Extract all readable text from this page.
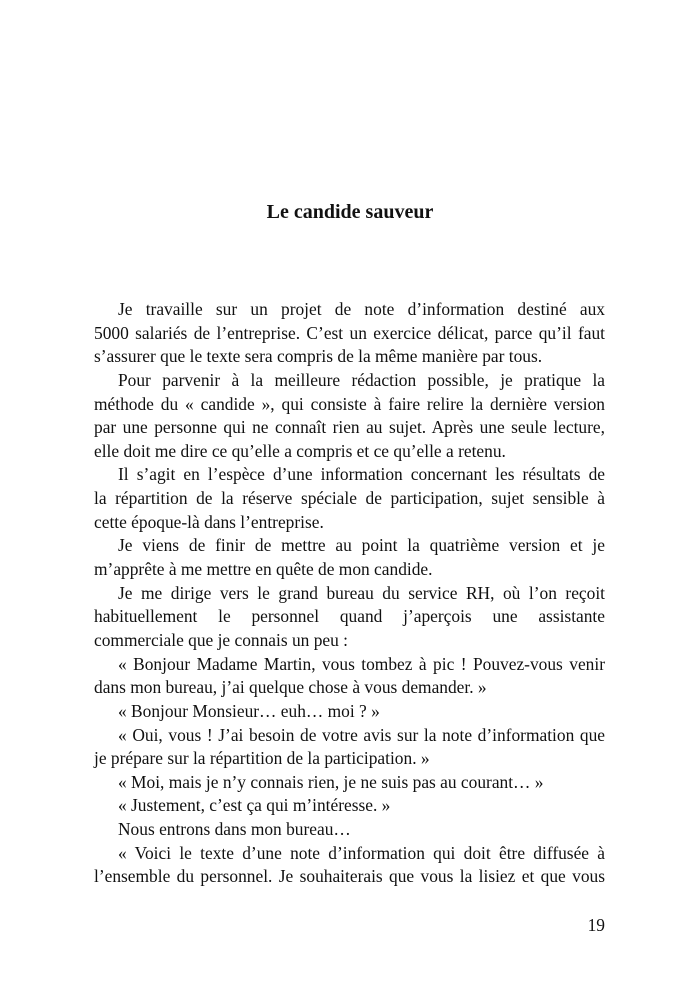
Le candide sauveur
Je travaille sur un projet de note d’information destiné aux
5000 salariés de l’entreprise. C’est un exercice délicat, parce qu’il faut
s’assurer que le texte sera compris de la même manière par tous.
Pour parvenir à la meilleure rédaction possible, je pratique la
méthode du « candide », qui consiste à faire relire la dernière version
par une personne qui ne connaît rien au sujet. Après une seule lecture,
elle doit me dire ce qu’elle a compris et ce qu’elle a retenu.
Il s’agit en l’espèce d’une information concernant les résultats de
la répartition de la réserve spéciale de participation, sujet sensible à
cette époque-là dans l’entreprise.
Je viens de finir de mettre au point la quatrième version et je
m’apprête à me mettre en quête de mon candide.
Je me dirige vers le grand bureau du service RH, où l’on reçoit
habituellement le personnel quand j’aperçois une assistante
commerciale que je connais un peu :
« Bonjour Madame Martin, vous tombez à pic ! Pouvez-vous venir
dans mon bureau, j’ai quelque chose à vous demander. »
« Bonjour Monsieur… euh… moi ? »
« Oui, vous ! J’ai besoin de votre avis sur la note d’information que
je prépare sur la répartition de la participation. »
« Moi, mais je n’y connais rien, je ne suis pas au courant… »
« Justement, c’est ça qui m’intéresse. »
Nous entrons dans mon bureau…
« Voici le texte d’une note d’information qui doit être diffusée à
l’ensemble du personnel. Je souhaiterais que vous la lisiez et que vous
19
